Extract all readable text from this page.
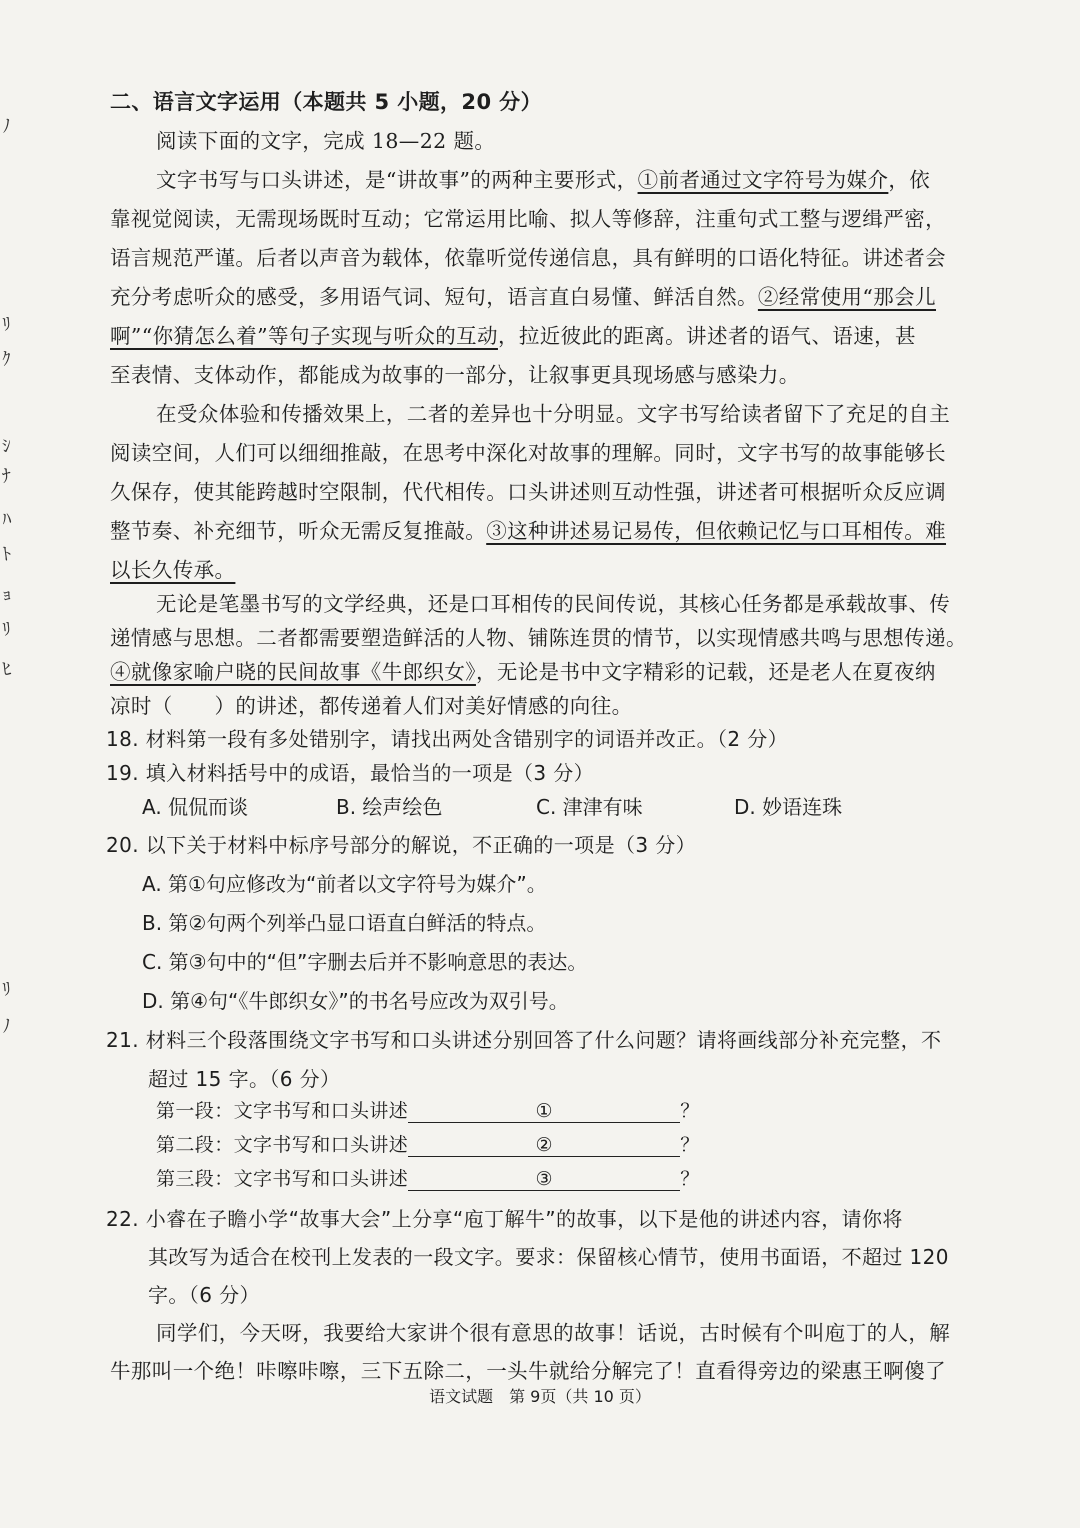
ﾉ
ﾘ
ｸ
ｼ
ﾅ
ﾊ
ﾄ
ｮ
ﾘ
ﾋ
ﾘ
ﾉ
二、语言文字运用（本题共 5 小题，20 分）
阅读下面的文字，完成 18—22 题。
文字书写与口头讲述，是“讲故事”的两种主要形式，①前者通过文字符号为媒介，依
靠视觉阅读，无需现场既时互动；它常运用比喻、拟人等修辞，注重句式工整与逻缉严密，
语言规范严谨。后者以声音为载体，依靠听觉传递信息，具有鲜明的口语化特征。讲述者会
充分考虑听众的感受，多用语气词、短句，语言直白易懂、鲜活自然。②经常使用“那会儿
啊”“你猜怎么着”等句子实现与听众的互动，拉近彼此的距离。讲述者的语气、语速，甚
至表情、支体动作，都能成为故事的一部分，让叙事更具现场感与感染力。
在受众体验和传播效果上，二者的差异也十分明显。文字书写给读者留下了充足的自主
阅读空间，人们可以细细推敲，在思考中深化对故事的理解。同时，文字书写的故事能够长
久保存，使其能跨越时空限制，代代相传。口头讲述则互动性强，讲述者可根据听众反应调
整节奏、补充细节，听众无需反复推敲。③这种讲述易记易传，但依赖记忆与口耳相传。难
以长久传承。
无论是笔墨书写的文学经典，还是口耳相传的民间传说，其核心任务都是承载故事、传
递情感与思想。二者都需要塑造鲜活的人物、铺陈连贯的情节，以实现情感共鸣与思想传递。
④就像家喻户晓的民间故事《牛郎织女》，无论是书中文字精彩的记载，还是老人在夏夜纳
凉时（　　）的讲述，都传递着人们对美好情感的向往。
18. 材料第一段有多处错别字，请找出两处含错别字的词语并改正。（2 分）
19. 填入材料括号中的成语，最恰当的一项是（3 分）
A. 侃侃而谈	B. 绘声绘色	C. 津津有味	D. 妙语连珠
20. 以下关于材料中标序号部分的解说，不正确的一项是（3 分）
A. 第①句应修改为“前者以文字符号为媒介”。
B. 第②句两个列举凸显口语直白鲜活的特点。
C. 第③句中的“但”字删去后并不影响意思的表达。
D. 第④句“《牛郎织女》”的书名号应改为双引号。
21. 材料三个段落围绕文字书写和口头讲述分别回答了什么问题？请将画线部分补充完整，不
超过 15 字。（6 分）
第一段：文字书写和口头讲述	①	？
第二段：文字书写和口头讲述	②	？
第三段：文字书写和口头讲述	③	？
22. 小睿在子瞻小学“故事大会”上分享“庖丁解牛”的故事，以下是他的讲述内容，请你将
其改写为适合在校刊上发表的一段文字。要求：保留核心情节，使用书面语，不超过 120
字。（6 分）
同学们，今天呀，我要给大家讲个很有意思的故事！话说，古时候有个叫庖丁的人，解
牛那叫一个绝！咔嚓咔嚓，三下五除二，一头牛就给分解完了！直看得旁边的梁惠王啊傻了
语文试题　第 9页（共 10 页）
